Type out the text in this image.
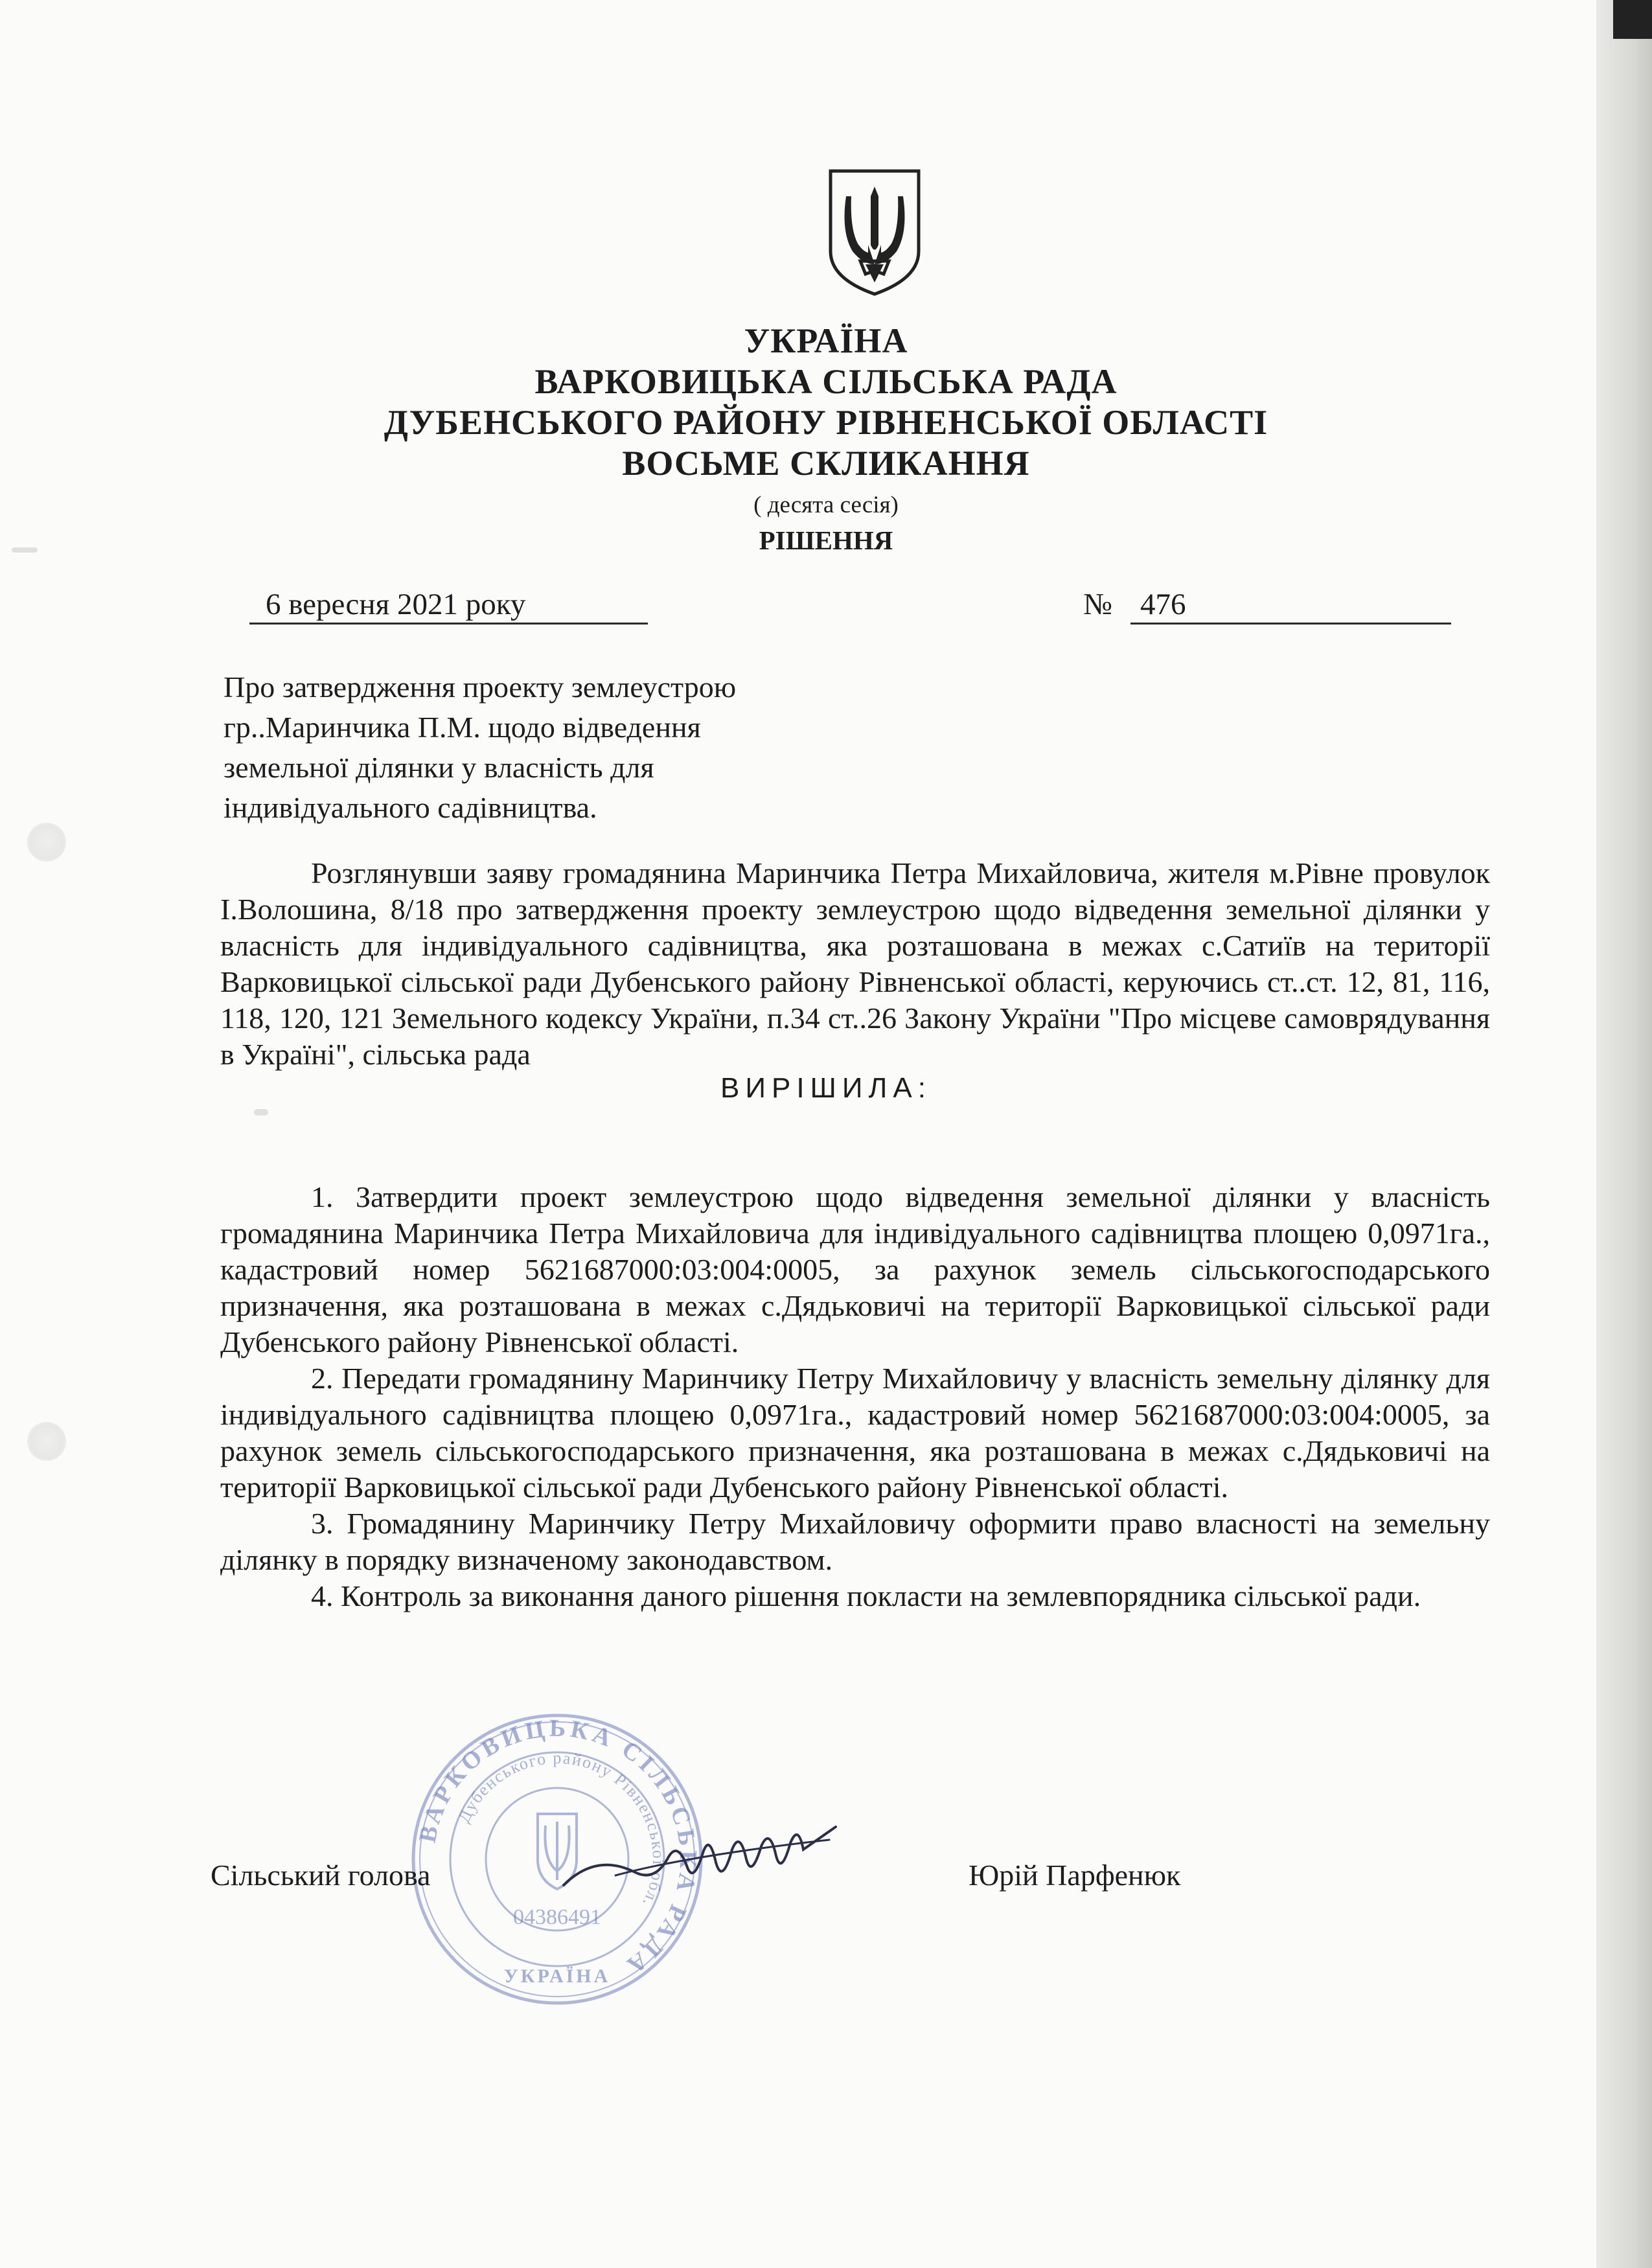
УКРАЇНА
ВАРКОВИЦЬКА СІЛЬСЬКА РАДА
ДУБЕНСЬКОГО РАЙОНУ РІВНЕНСЬКОЇ ОБЛАСТІ
ВОСЬМЕ СКЛИКАННЯ
( десята сесія)
РІШЕННЯ
6 вересня 2021 року	№ 476
Про затвердження проекту землеустрою
гр..Маринчика П.М. щодо відведення
земельної ділянки у власність для
індивідуального садівництва.

Розглянувши заяву громадянина Маринчика Петра Михайловича, жителя м.Рівне провулок І.Волошина, 8/18 про затвердження проекту землеустрою щодо відведення земельної ділянки у власність для індивідуального садівництва, яка розташована в межах с.Сатиїв на території Варковицької сільської ради Дубенського району Рівненської області, керуючись ст..ст. 12, 81, 116, 118, 120, 121 Земельного кодексу України, п.34 ст..26 Закону України "Про місцеве самоврядування в Україні", сільська рада

ВИРІШИЛА:

1. Затвердити проект землеустрою щодо відведення земельної ділянки у власність громадянина Маринчика Петра Михайловича для індивідуального садівництва площею 0,0971га., кадастровий номер 5621687000:03:004:0005, за рахунок земель сільськогосподарського призначення, яка розташована в межах с.Дядьковичі на території Варковицької сільської ради Дубенського району Рівненської області.

2. Передати громадянину Маринчику Петру Михайловичу у власність земельну ділянку для індивідуального садівництва площею 0,0971га., кадастровий номер 5621687000:03:004:0005, за рахунок земель сільськогосподарського призначення, яка розташована в межах с.Дядьковичі на території Варковицької сільської ради Дубенського району Рівненської області.

3. Громадянину Маринчику Петру Михайловичу оформити право власності на земельну ділянку в порядку визначеному законодавством.

4. Контроль за виконання даного рішення покласти на землевпорядника сільської ради.

ВАРКОВИЦЬКА СІЛЬСЬКА РАДА
Дубенського району Рівненської обл.
04386491
УКРАЇНА
Сільський голова	Юрій Парфенюк
